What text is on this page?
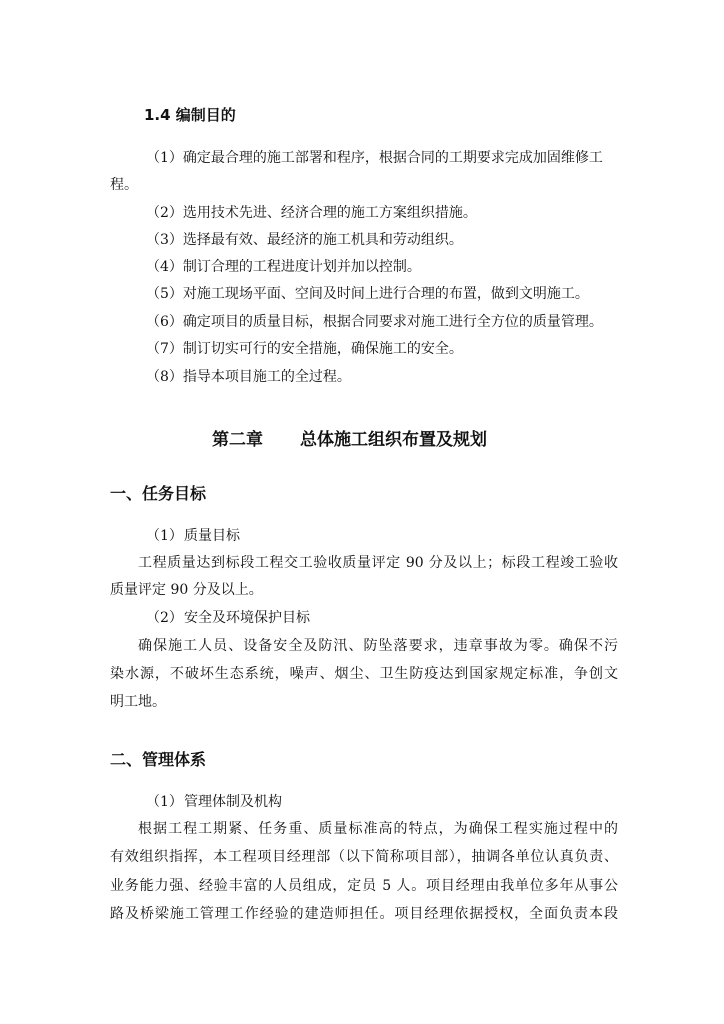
1.4 编制目的
（1）确定最合理的施工部署和程序，根据合同的工期要求完成加固维修工
程。
（2）选用技术先进、经济合理的施工方案组织措施。
（3）选择最有效、最经济的施工机具和劳动组织。
（4）制订合理的工程进度计划并加以控制。
（5）对施工现场平面、空间及时间上进行合理的布置，做到文明施工。
（6）确定项目的质量目标，根据合同要求对施工进行全方位的质量管理。
（7）制订切实可行的安全措施，确保施工的安全。
（8）指导本项目施工的全过程。
第二章 总体施工组织布置及规划
一、任务目标
（1）质量目标
工程质量达到标段工程交工验收质量评定 90 分及以上；标段工程竣工验收
质量评定 90 分及以上。
（2）安全及环境保护目标
确保施工人员、设备安全及防汛、防坠落要求，违章事故为零。确保不污
染水源，不破坏生态系统，噪声、烟尘、卫生防疫达到国家规定标准，争创文
明工地。
二、管理体系
（1）管理体制及机构
根据工程工期紧、任务重、质量标准高的特点，为确保工程实施过程中的
有效组织指挥，本工程项目经理部（以下简称项目部），抽调各单位认真负责、
业务能力强、经验丰富的人员组成，定员 5 人。项目经理由我单位多年从事公
路及桥梁施工管理工作经验的建造师担任。项目经理依据授权，全面负责本段
